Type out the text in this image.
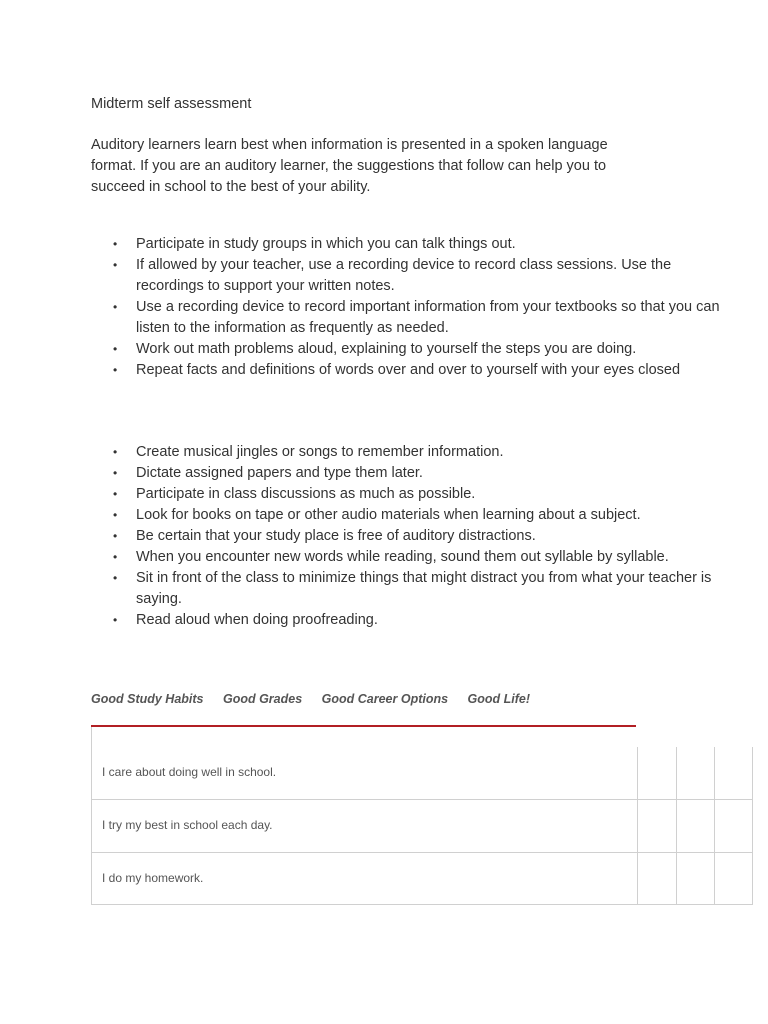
Midterm self assessment
Auditory learners learn best when information is presented in a spoken language format. If you are an auditory learner, the suggestions that follow can help you to succeed in school to the best of your ability.
• Participate in study groups in which you can talk things out.
• If allowed by your teacher, use a recording device to record class sessions. Use the recordings to support your written notes.
• Use a recording device to record important information from your textbooks so that you can listen to the information as frequently as needed.
• Work out math problems aloud, explaining to yourself the steps you are doing.
• Repeat facts and definitions of words over and over to yourself with your eyes closed
• Create musical jingles or songs to remember information.
• Dictate assigned papers and type them later.
• Participate in class discussions as much as possible.
• Look for books on tape or other audio materials when learning about a subject.
• Be certain that your study place is free of auditory distractions.
• When you encounter new words while reading, sound them out syllable by syllable.
• Sit in front of the class to minimize things that might distract you from what your teacher is saying.
• Read aloud when doing proofreading.
Good Study Habits Good Grades Good Career Options Good Life!
I care about doing well in school.
I try my best in school each day.
I do my homework.
